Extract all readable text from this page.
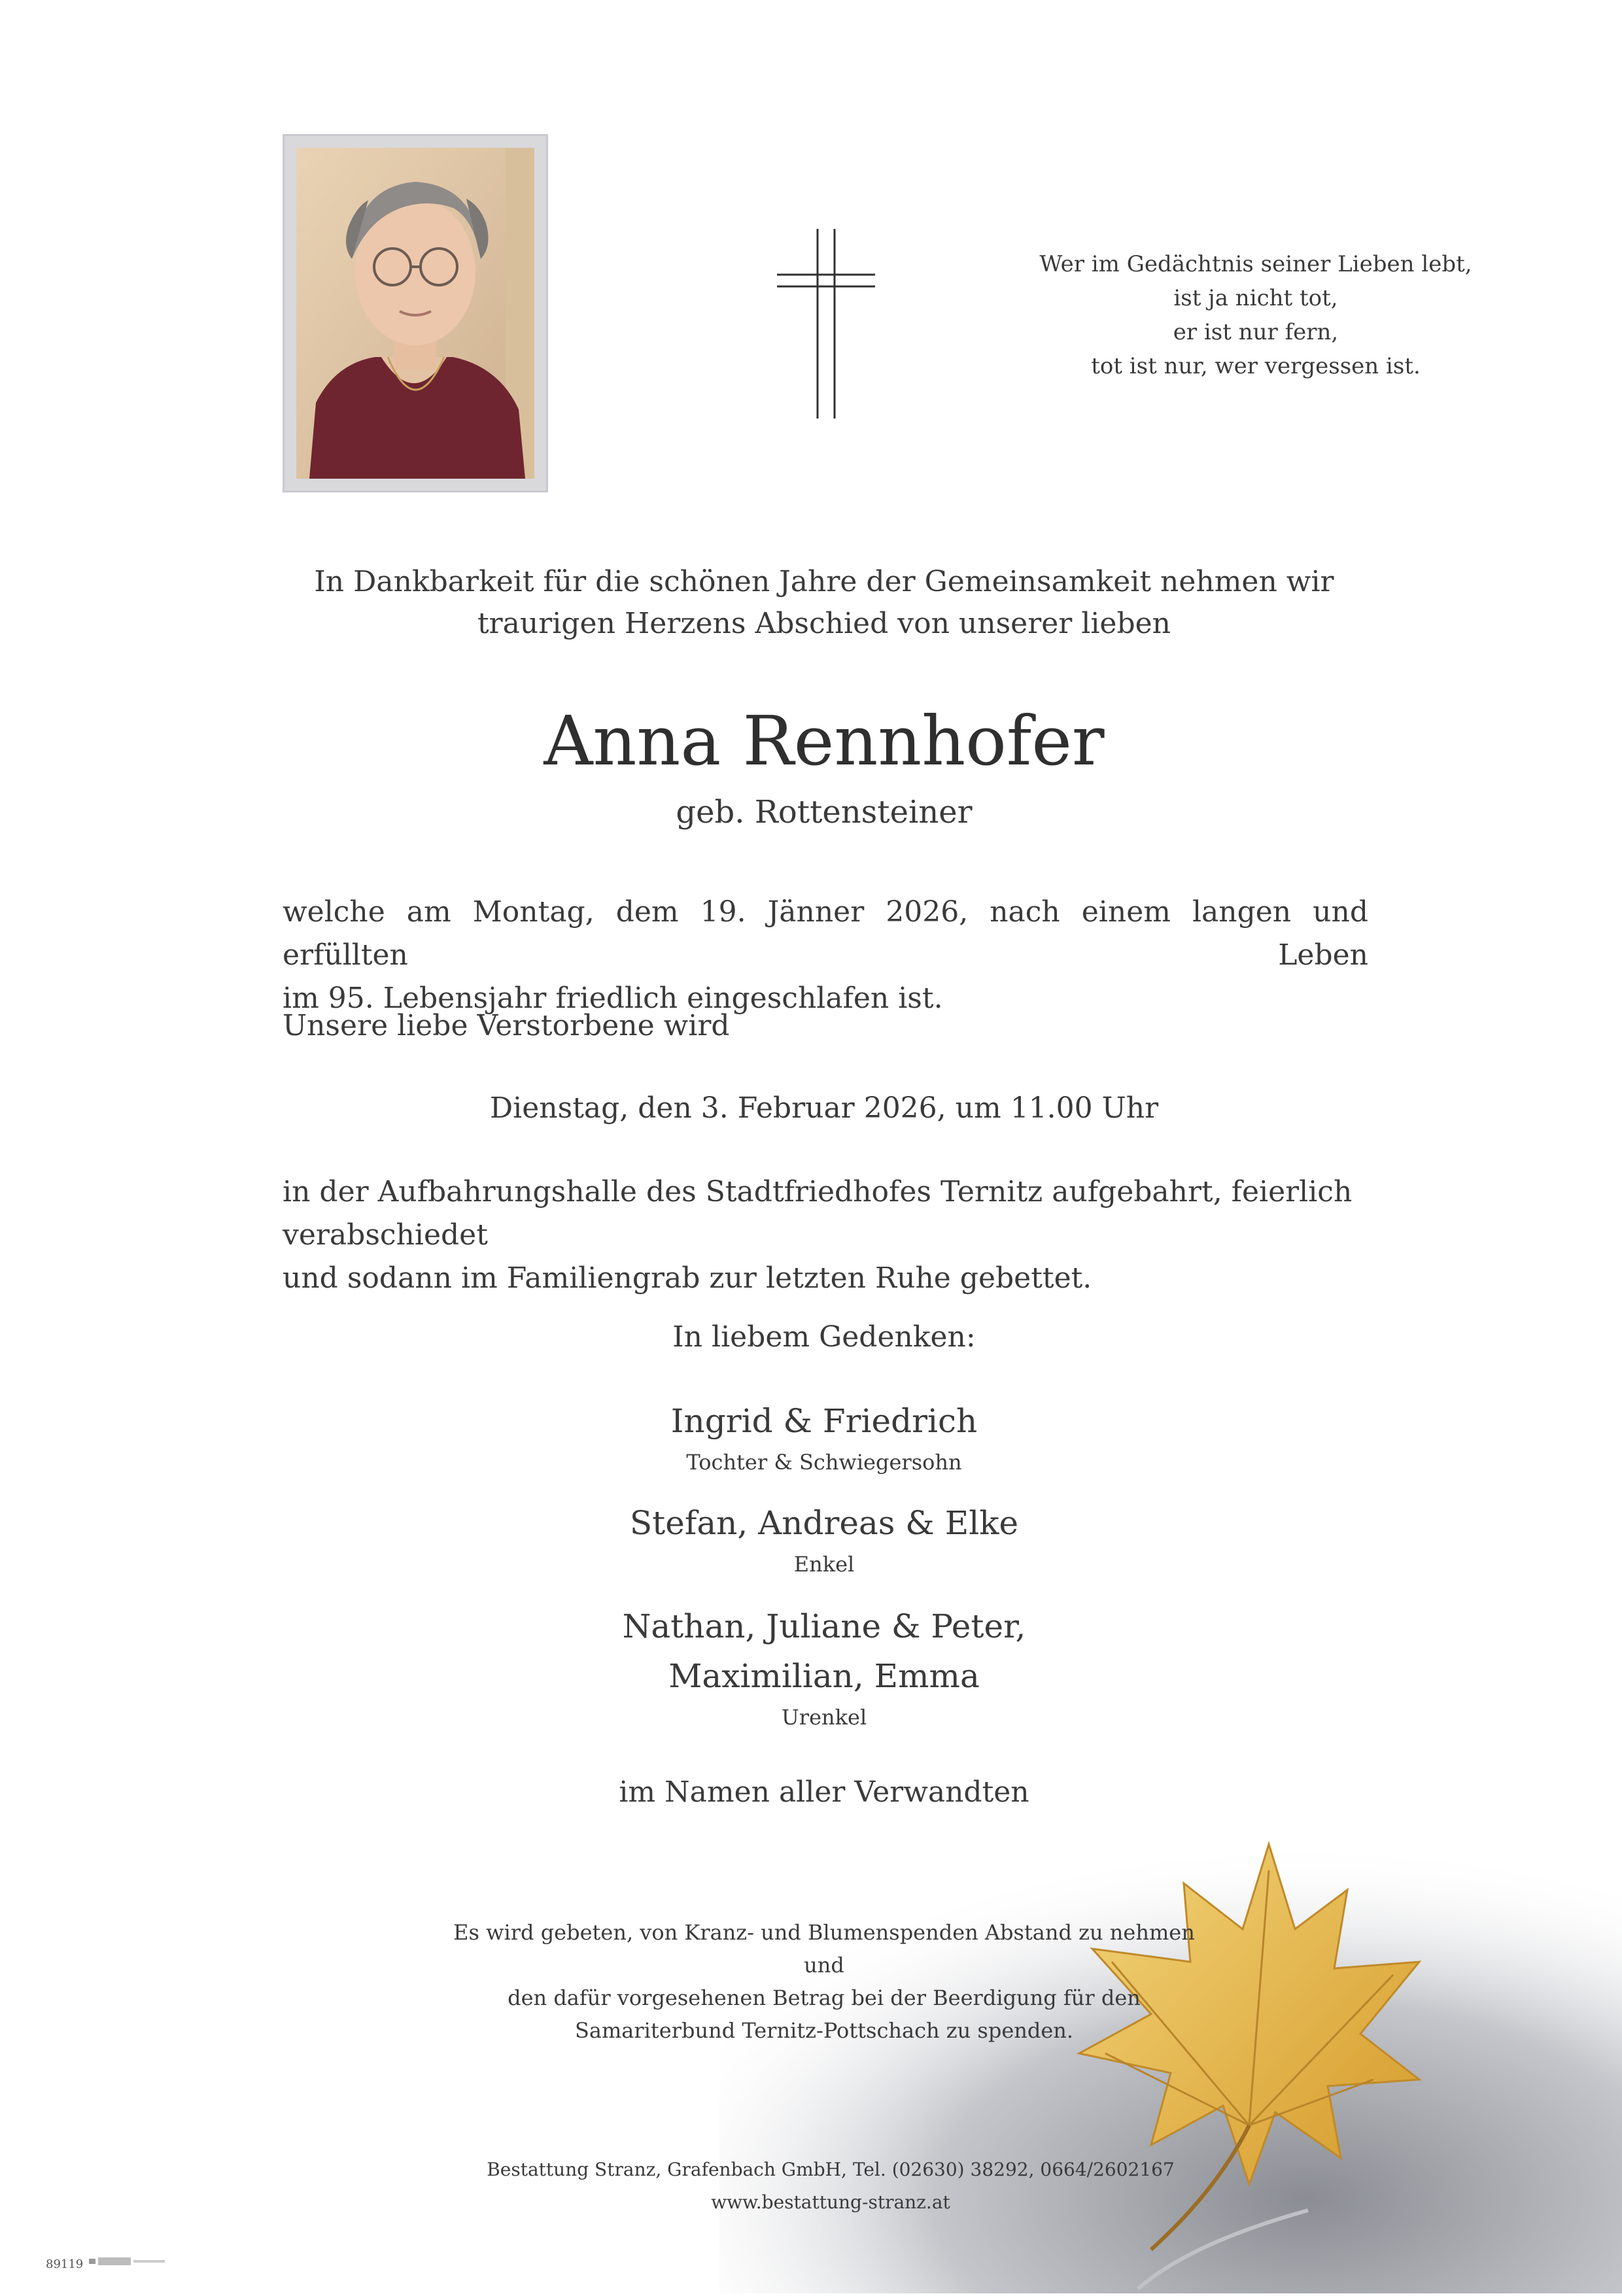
Wer im Gedächtnis seiner Lieben lebt,
ist ja nicht tot,
er ist nur fern,
tot ist nur, wer vergessen ist.
In Dankbarkeit für die schönen Jahre der Gemeinsamkeit nehmen wir
traurigen Herzens Abschied von unserer lieben
Anna Rennhofer
geb. Rottensteiner
welche am Montag, dem 19. Jänner 2026, nach einem langen und erfüllten Leben
im 95. Lebensjahr friedlich eingeschlafen ist.
Unsere liebe Verstorbene wird
Dienstag, den 3. Februar 2026, um 11.00 Uhr
in der Aufbahrungshalle des Stadtfriedhofes Ternitz aufgebahrt, feierlich verabschiedet
und sodann im Familiengrab zur letzten Ruhe gebettet.
In liebem Gedenken:
Ingrid & Friedrich
Tochter & Schwiegersohn
Stefan, Andreas & Elke
Enkel
Nathan, Juliane & Peter,
Maximilian, Emma
Urenkel
im Namen aller Verwandten
Es wird gebeten, von Kranz- und Blumenspenden Abstand zu nehmen und
den dafür vorgesehenen Betrag bei der Beerdigung für den
Samariterbund Ternitz-Pottschach zu spenden.
Bestattung Stranz, Grafenbach GmbH, Tel. (02630) 38292, 0664/2602167
www.bestattung-stranz.at
89119
